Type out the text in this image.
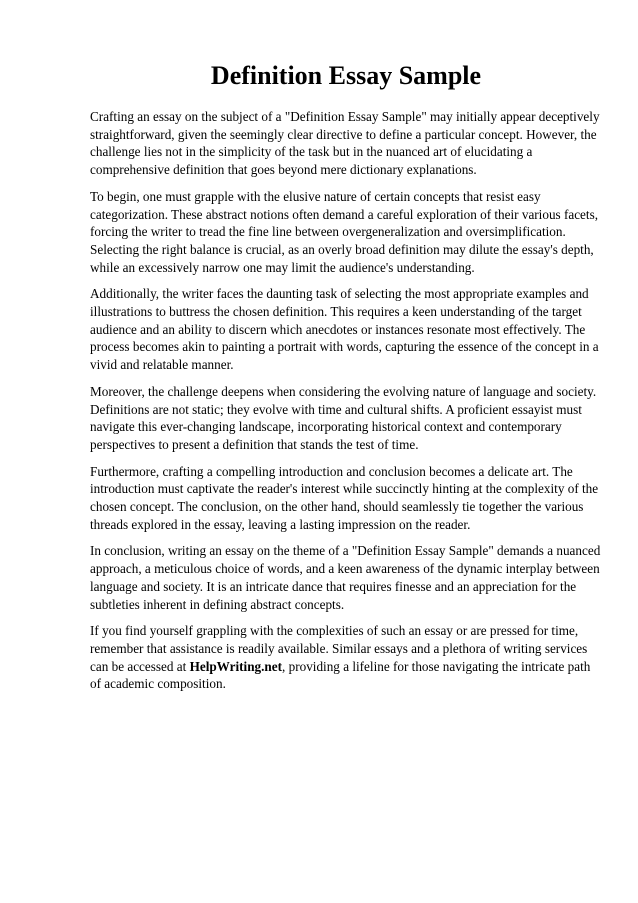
Definition Essay Sample

Crafting an essay on the subject of a "Definition Essay Sample" may initially appear deceptively straightforward, given the seemingly clear directive to define a particular concept. However, the challenge lies not in the simplicity of the task but in the nuanced art of elucidating a comprehensive definition that goes beyond mere dictionary explanations.

To begin, one must grapple with the elusive nature of certain concepts that resist easy categorization. These abstract notions often demand a careful exploration of their various facets, forcing the writer to tread the fine line between overgeneralization and oversimplification. Selecting the right balance is crucial, as an overly broad definition may dilute the essay's depth, while an excessively narrow one may limit the audience's understanding.

Additionally, the writer faces the daunting task of selecting the most appropriate examples and illustrations to buttress the chosen definition. This requires a keen understanding of the target audience and an ability to discern which anecdotes or instances resonate most effectively. The process becomes akin to painting a portrait with words, capturing the essence of the concept in a vivid and relatable manner.

Moreover, the challenge deepens when considering the evolving nature of language and society. Definitions are not static; they evolve with time and cultural shifts. A proficient essayist must navigate this ever-changing landscape, incorporating historical context and contemporary perspectives to present a definition that stands the test of time.

Furthermore, crafting a compelling introduction and conclusion becomes a delicate art. The introduction must captivate the reader's interest while succinctly hinting at the complexity of the chosen concept. The conclusion, on the other hand, should seamlessly tie together the various threads explored in the essay, leaving a lasting impression on the reader.

In conclusion, writing an essay on the theme of a "Definition Essay Sample" demands a nuanced approach, a meticulous choice of words, and a keen awareness of the dynamic interplay between language and society. It is an intricate dance that requires finesse and an appreciation for the subtleties inherent in defining abstract concepts.

If you find yourself grappling with the complexities of such an essay or are pressed for time, remember that assistance is readily available. Similar essays and a plethora of writing services can be accessed at HelpWriting.net, providing a lifeline for those navigating the intricate path of academic composition.
